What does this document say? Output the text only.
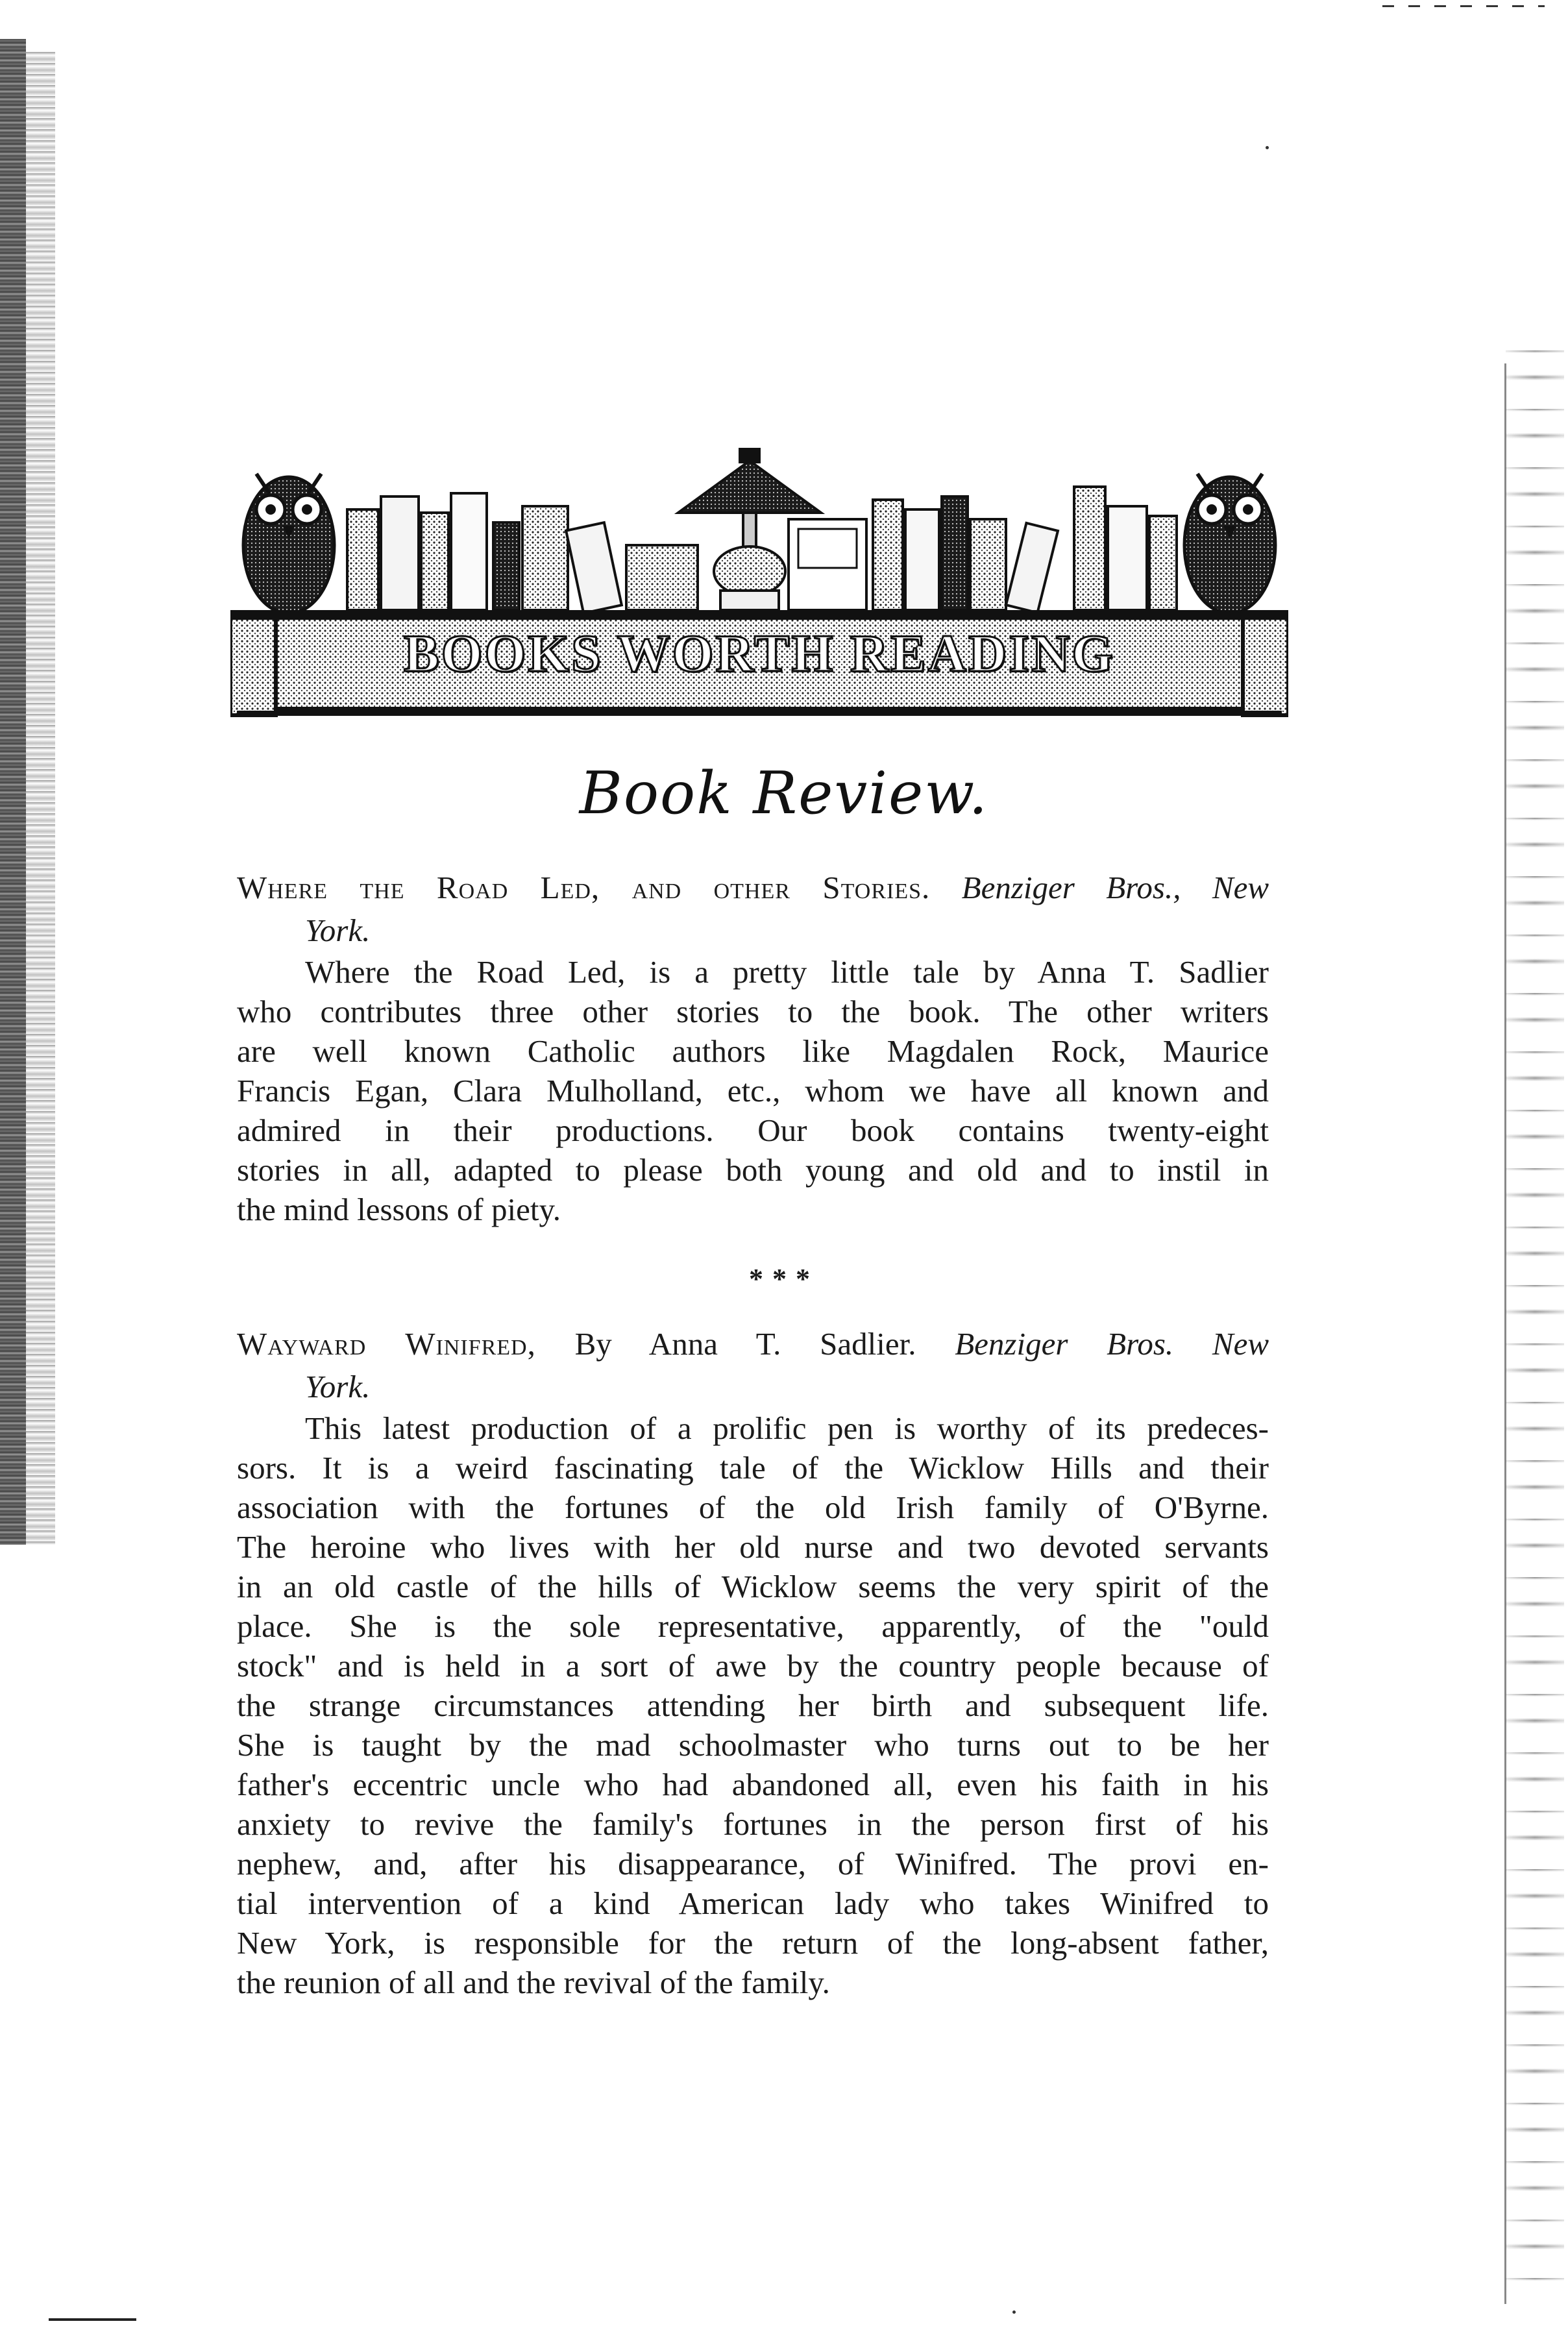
BOOKS WORTH READING
Book Review.
Where the Road Led, and other Stories. Benziger Bros., New
York.
Where the Road Led, is a pretty little tale by Anna T. Sadlier
who contributes three other stories to the book. The other writers
are well known Catholic authors like Magdalen Rock, Maurice
Francis Egan, Clara Mulholland, etc., whom we have all known and
admired in their productions. Our book contains twenty-eight
stories in all, adapted to please both young and old and to instil in
the mind lessons of piety.
***
Wayward Winifred, By Anna T. Sadlier. Benziger Bros. New
York.
This latest production of a prolific pen is worthy of its predeces-
sors. It is a weird fascinating tale of the Wicklow Hills and their
association with the fortunes of the old Irish family of O'Byrne.
The heroine who lives with her old nurse and two devoted servants
in an old castle of the hills of Wicklow seems the very spirit of the
place. She is the sole representative, apparently, of the "ould
stock" and is held in a sort of awe by the country people because of
the strange circumstances attending her birth and subsequent life.
She is taught by the mad schoolmaster who turns out to be her
father's eccentric uncle who had abandoned all, even his faith in his
anxiety to revive the family's fortunes in the person first of his
nephew, and, after his disappearance, of Winifred. The provi en-
tial intervention of a kind American lady who takes Winifred to
New York, is responsible for the return of the long-absent father,
the reunion of all and the revival of the family.
